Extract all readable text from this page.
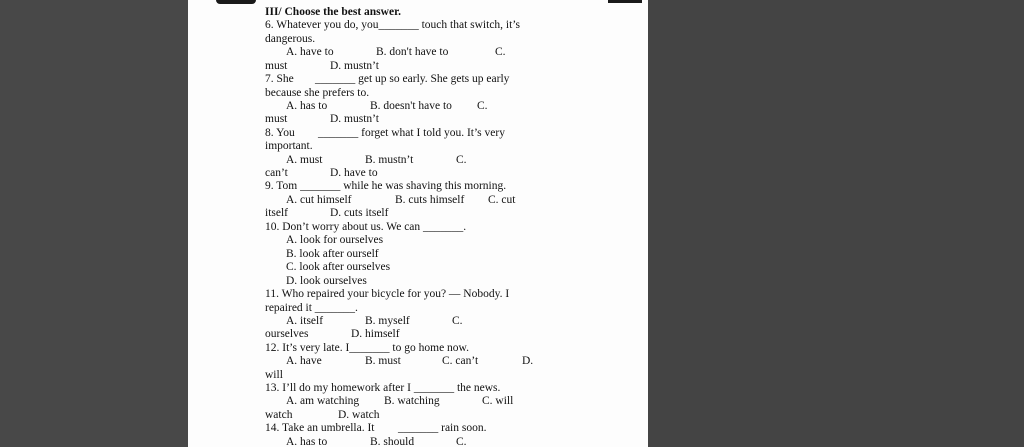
III/ Choose the best answer.
6. Whatever you do, you_______ touch that switch, it’s
dangerous.
A. have to	B. don't have to	C.
must	D. mustn’t
7. She _______ get up so early. She gets up early
because she prefers to.
A. has to	B. doesn't have to C.
must	D. mustn’t
8. You _______ forget what I told you. It’s very
important.
A. must	B. mustn’t	C.
can’t	D. have to
9. Tom _______ while he was shaving this morning.
A. cut himself	B. cuts himself C. cut
itself	D. cuts itself
10. Don’t worry about us. We can _______.
A. look for ourselves
B. look after ourself
C. look after ourselves
D. look ourselves
11. Who repaired your bicycle for you? — Nobody. I
repaired it _______.
A. itself	B. myself	C.
ourselves	D. himself
12. It’s very late. I_______ to go home now.
A. have	B. must	C. can’t	D.
will
13. I’ll do my homework after I _______ the news.
A. am watching B. watching	C. will
watch	D. watch
14. Take an umbrella. It _______ rain soon.
A. has to	B. should	C.
